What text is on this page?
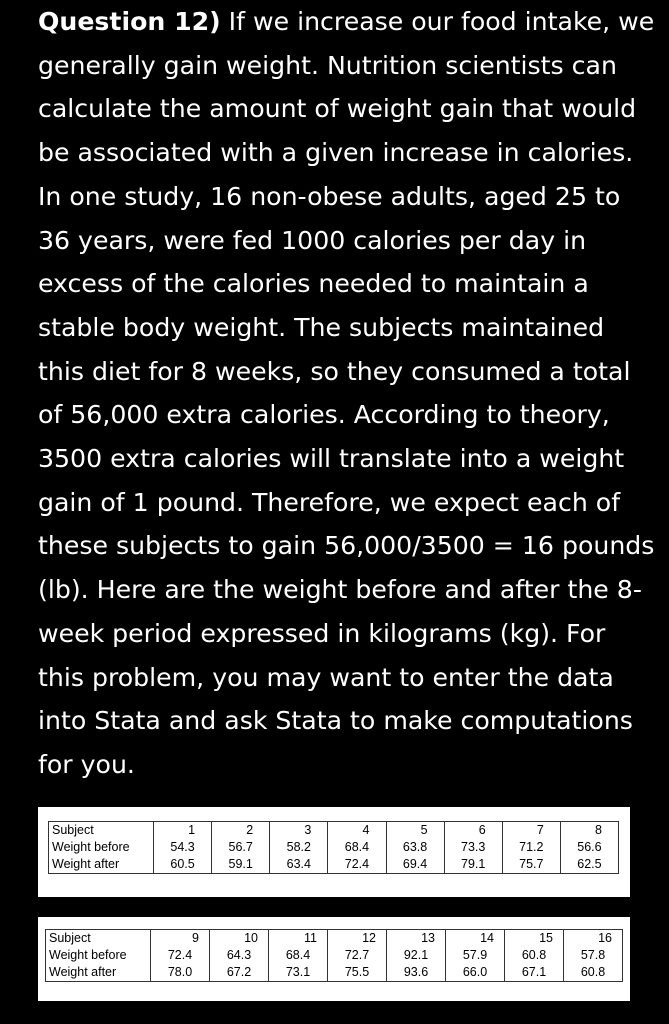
Question 12) If we increase our food intake, we generally gain weight. Nutrition scientists can calculate the amount of weight gain that would be associated with a given increase in calories. In one study, 16 non-obese adults, aged 25 to 36 years, were fed 1000 calories per day in excess of the calories needed to maintain a stable body weight. The subjects maintained this diet for 8 weeks, so they consumed a total of 56,000 extra calories. According to theory, 3500 extra calories will translate into a weight gain of 1 pound. Therefore, we expect each of these subjects to gain 56,000/3500 = 16 pounds (lb). Here are the weight before and after the 8-week period expressed in kilograms (kg). For this problem, you may want to enter the data into Stata and ask Stata to make computations for you.

Subject	1	2	3	4	5	6	7	8
Weight before	54.3	56.7	58.2	68.4	63.8	73.3	71.2	56.6
Weight after	60.5	59.1	63.4	72.4	69.4	79.1	75.7	62.5
Subject	9	10	11	12	13	14	15	16
Weight before	72.4	64.3	68.4	72.7	92.1	57.9	60.8	57.8
Weight after	78.0	67.2	73.1	75.5	93.6	66.0	67.1	60.8
